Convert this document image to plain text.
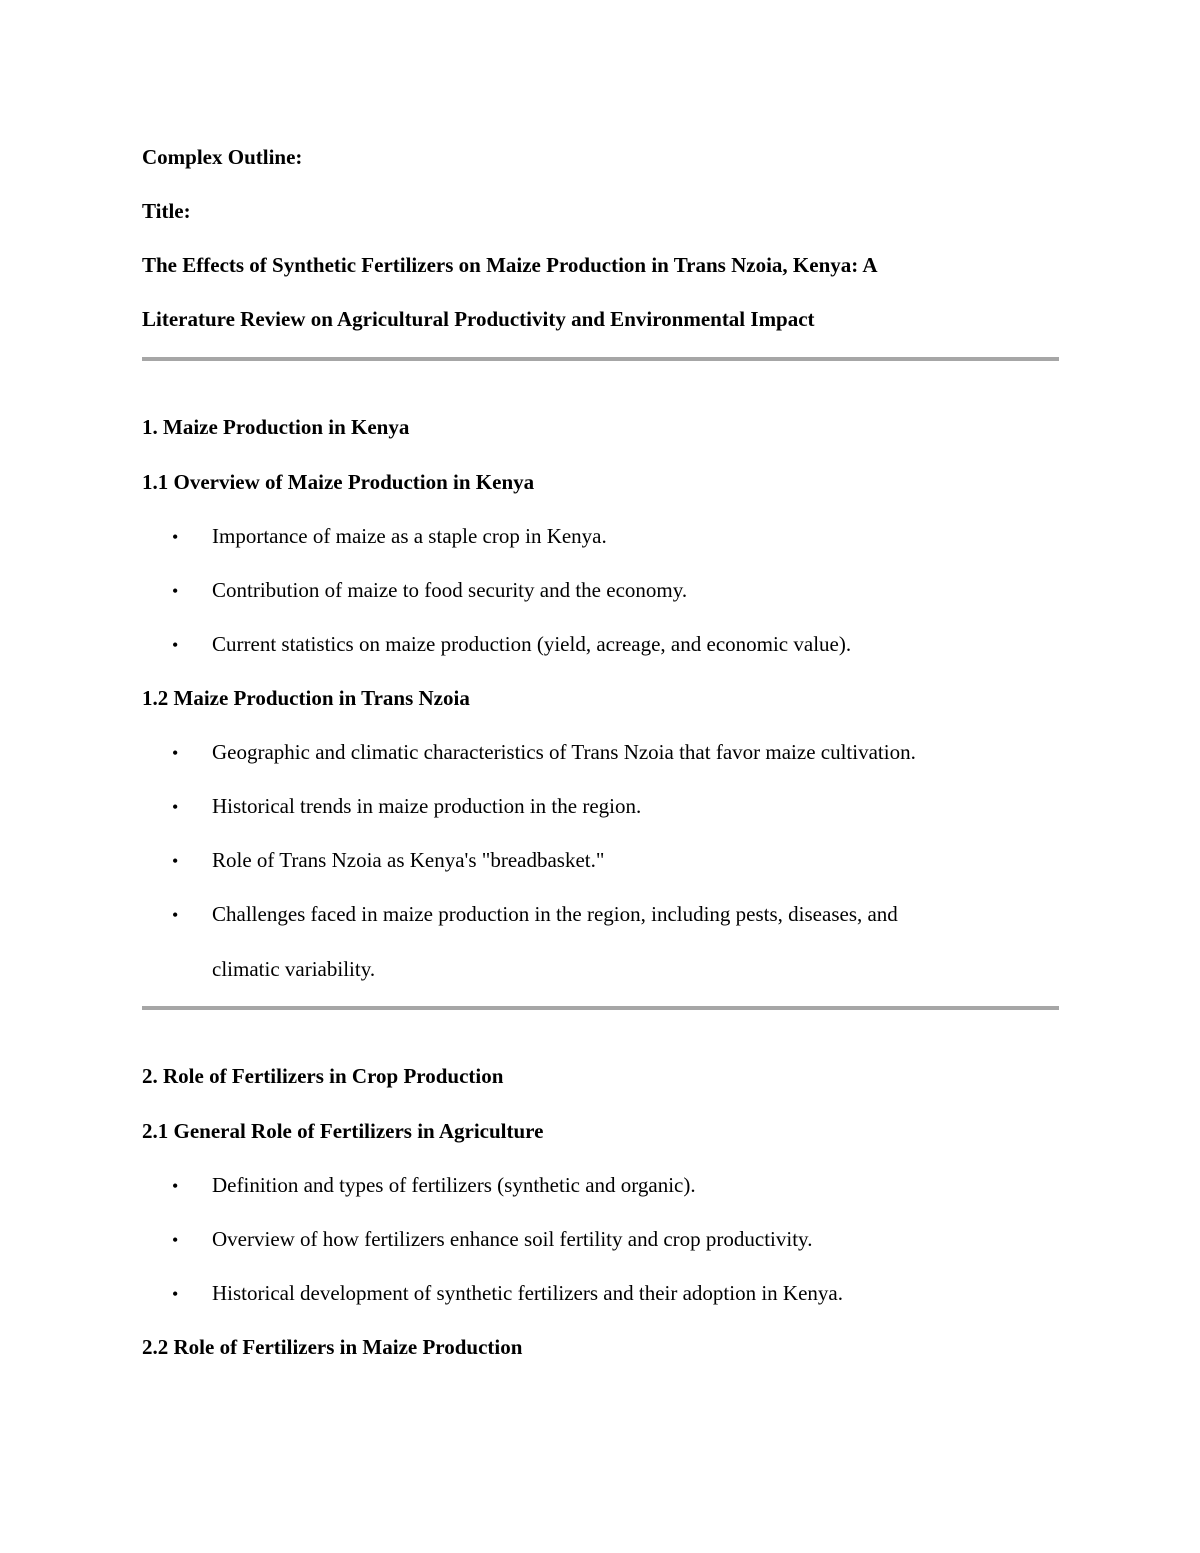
Complex Outline:
Title:
The Effects of Synthetic Fertilizers on Maize Production in Trans Nzoia, Kenya: A
Literature Review on Agricultural Productivity and Environmental Impact
1. Maize Production in Kenya
1.1 Overview of Maize Production in Kenya
• Importance of maize as a staple crop in Kenya.
• Contribution of maize to food security and the economy.
• Current statistics on maize production (yield, acreage, and economic value).
1.2 Maize Production in Trans Nzoia
• Geographic and climatic characteristics of Trans Nzoia that favor maize cultivation.
• Historical trends in maize production in the region.
• Role of Trans Nzoia as Kenya's "breadbasket."
• Challenges faced in maize production in the region, including pests, diseases, and
climatic variability.
2. Role of Fertilizers in Crop Production
2.1 General Role of Fertilizers in Agriculture
• Definition and types of fertilizers (synthetic and organic).
• Overview of how fertilizers enhance soil fertility and crop productivity.
• Historical development of synthetic fertilizers and their adoption in Kenya.
2.2 Role of Fertilizers in Maize Production
